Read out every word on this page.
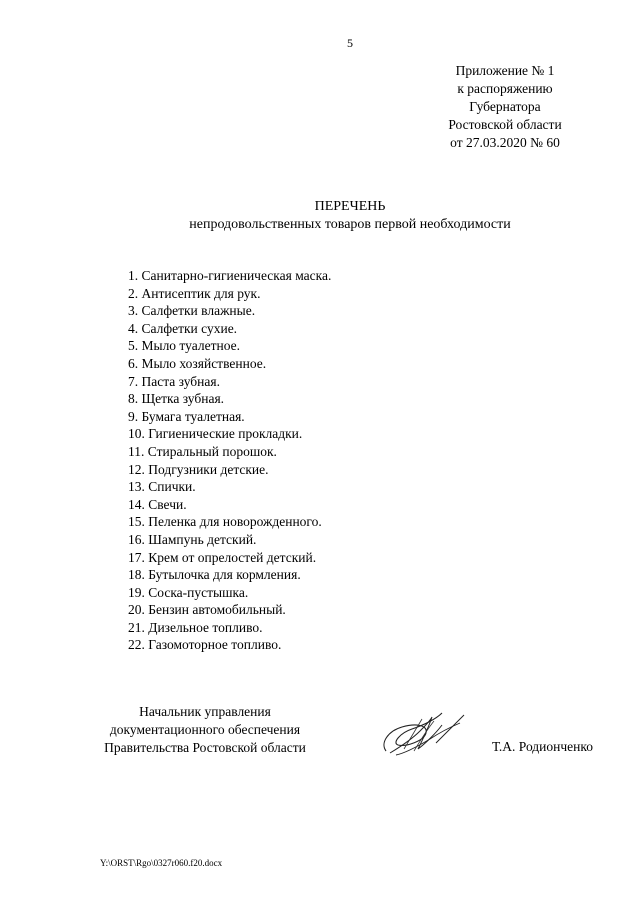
5
Приложение № 1
к распоряжению
Губернатора
Ростовской области
от 27.03.2020 № 60
ПЕРЕЧЕНЬ
непродовольственных товаров первой необходимости
1. Санитарно-гигиеническая маска.
2. Антисептик для рук.
3. Салфетки влажные.
4. Салфетки сухие.
5. Мыло туалетное.
6. Мыло хозяйственное.
7. Паста зубная.
8. Щетка зубная.
9. Бумага туалетная.
10. Гигиенические прокладки.
11. Стиральный порошок.
12. Подгузники детские.
13. Спички.
14. Свечи.
15. Пеленка для новорожденного.
16. Шампунь детский.
17. Крем от опрелостей детский.
18. Бутылочка для кормления.
19. Соска-пустышка.
20. Бензин автомобильный.
21. Дизельное топливо.
22. Газомоторное топливо.
Начальник управления
документационного обеспечения
Правительства Ростовской области	Т.А. Родионченко
Y:\ORST\Rgo\0327r060.f20.docx
